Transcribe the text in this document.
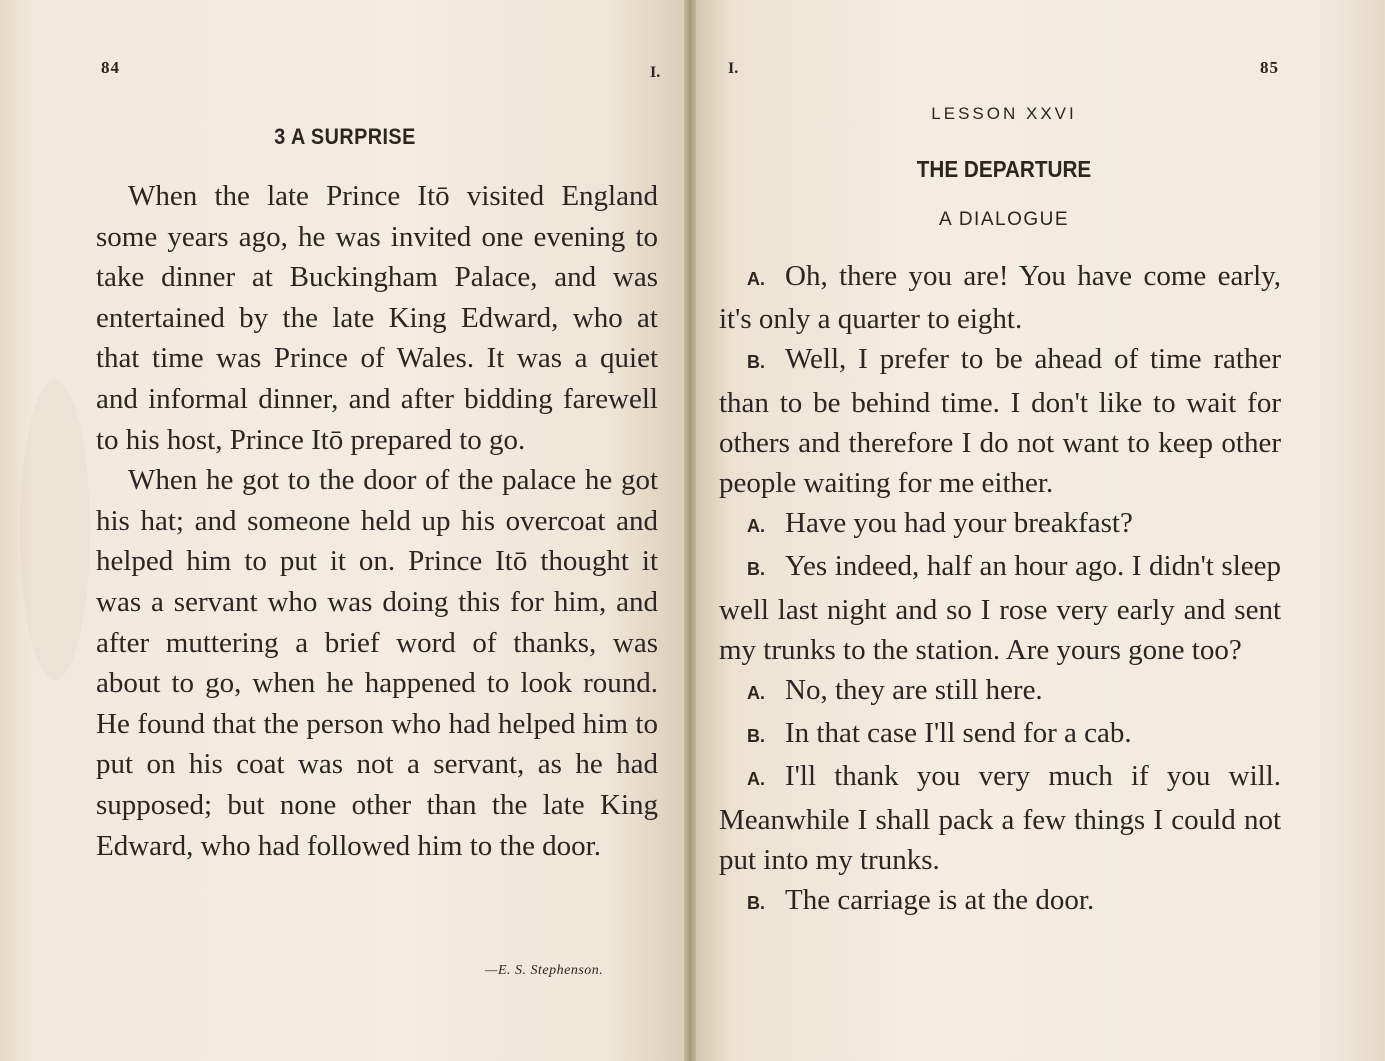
84	I.
3 A SURPRISE

When the late Prince Itō visited England some years ago, he was invited one evening to take dinner at Buckingham Palace, and was entertained by the late King Edward, who at that time was Prince of Wales. It was a quiet and informal dinner, and after bidding farewell to his host, Prince Itō prepared to go.

When he got to the door of the palace he got his hat; and someone held up his overcoat and helped him to put it on. Prince Itō thought it was a servant who was doing this for him, and after muttering a brief word of thanks, was about to go, when he happened to look round. He found that the person who had helped him to put on his coat was not a servant, as he had supposed; but none other than the late King Edward, who had followed him to the door.

—E. S. Stephenson.
I.	85
LESSON XXVI
THE DEPARTURE
A DIALOGUE

A. Oh, there you are! You have come early, it's only a quarter to eight.

B. Well, I prefer to be ahead of time rather than to be behind time. I don't like to wait for others and therefore I do not want to keep other people waiting for me either.

A. Have you had your breakfast?

B. Yes indeed, half an hour ago. I didn't sleep well last night and so I rose very early and sent my trunks to the station. Are yours gone too?

A. No, they are still here.

B. In that case I'll send for a cab.

A. I'll thank you very much if you will. Meanwhile I shall pack a few things I could not put into my trunks.

B. The carriage is at the door.
